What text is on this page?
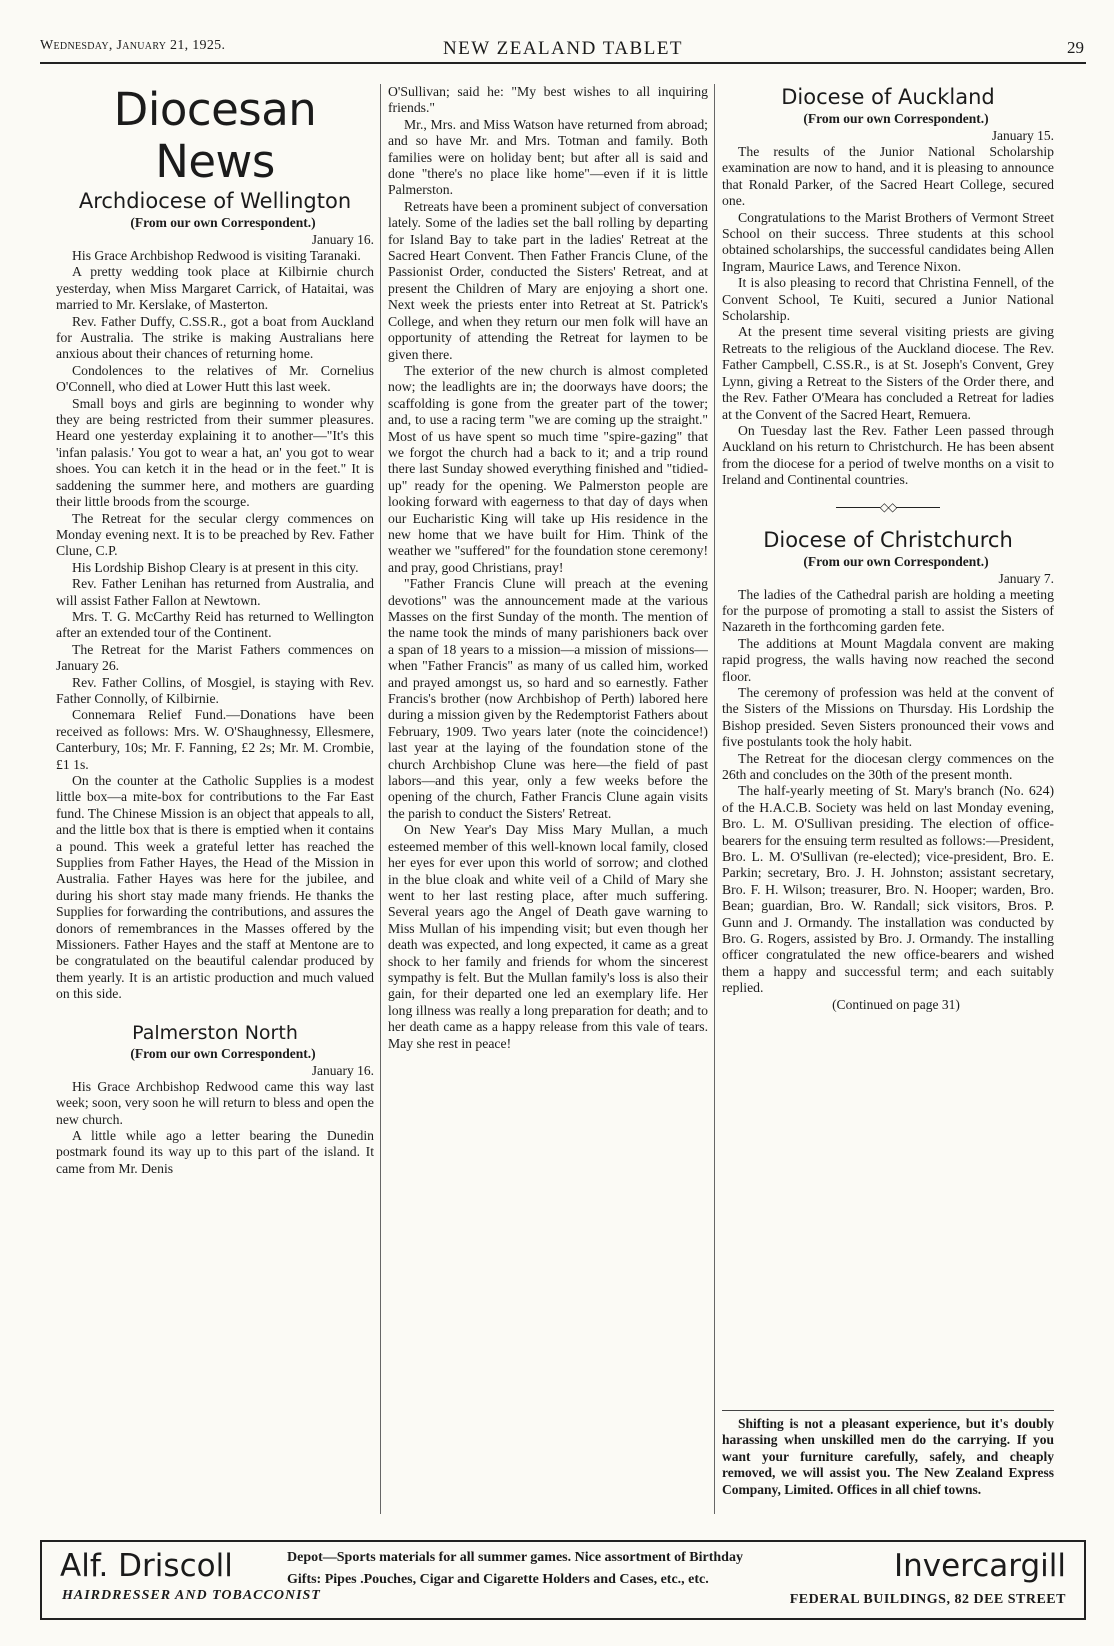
Wednesday, January 21, 1925.	NEW ZEALAND TABLET	29
Diocesan News
Archdiocese of Wellington

(From our own Correspondent.)

January 16.

His Grace Archbishop Redwood is visiting Taranaki.

A pretty wedding took place at Kilbirnie church yesterday, when Miss Margaret Carrick, of Hataitai, was married to Mr. Kerslake, of Masterton.

Rev. Father Duffy, C.SS.R., got a boat from Auckland for Australia. The strike is making Australians here anxious about their chances of returning home.

Condolences to the relatives of Mr. Cornelius O'Connell, who died at Lower Hutt this last week.

Small boys and girls are beginning to wonder why they are being restricted from their summer pleasures. Heard one yesterday explaining it to another—"It's this 'infan palasis.' You got to wear a hat, an' you got to wear shoes. You can ketch it in the head or in the feet." It is saddening the summer here, and mothers are guarding their little broods from the scourge.

The Retreat for the secular clergy commences on Monday evening next. It is to be preached by Rev. Father Clune, C.P.

His Lordship Bishop Cleary is at present in this city.

Rev. Father Lenihan has returned from Australia, and will assist Father Fallon at Newtown.

Mrs. T. G. McCarthy Reid has returned to Wellington after an extended tour of the Continent.

The Retreat for the Marist Fathers commences on January 26.

Rev. Father Collins, of Mosgiel, is staying with Rev. Father Connolly, of Kilbirnie.

Connemara Relief Fund.—Donations have been received as follows: Mrs. W. O'Shaughnessy, Ellesmere, Canterbury, 10s; Mr. F. Fanning, £2 2s; Mr. M. Crombie, £1 1s.

On the counter at the Catholic Supplies is a modest little box—a mite-box for contributions to the Far East fund. The Chinese Mission is an object that appeals to all, and the little box that is there is emptied when it contains a pound. This week a grateful letter has reached the Supplies from Father Hayes, the Head of the Mission in Australia. Father Hayes was here for the jubilee, and during his short stay made many friends. He thanks the Supplies for forwarding the contributions, and assures the donors of remembrances in the Masses offered by the Missioners. Father Hayes and the staff at Mentone are to be congratulated on the beautiful calendar produced by them yearly. It is an artistic production and much valued on this side.

Palmerston North

(From our own Correspondent.)

January 16.

His Grace Archbishop Redwood came this way last week; soon, very soon he will return to bless and open the new church.

A little while ago a letter bearing the Dunedin postmark found its way up to this part of the island. It came from Mr. Denis

O'Sullivan; said he: "My best wishes to all inquiring friends."

Mr., Mrs. and Miss Watson have returned from abroad; and so have Mr. and Mrs. Totman and family. Both families were on holiday bent; but after all is said and done "there's no place like home"—even if it is little Palmerston.

Retreats have been a prominent subject of conversation lately. Some of the ladies set the ball rolling by departing for Island Bay to take part in the ladies' Retreat at the Sacred Heart Convent. Then Father Francis Clune, of the Passionist Order, conducted the Sisters' Retreat, and at present the Children of Mary are enjoying a short one. Next week the priests enter into Retreat at St. Patrick's College, and when they return our men folk will have an opportunity of attending the Retreat for laymen to be given there.

The exterior of the new church is almost completed now; the leadlights are in; the doorways have doors; the scaffolding is gone from the greater part of the tower; and, to use a racing term "we are coming up the straight." Most of us have spent so much time "spire-gazing" that we forgot the church had a back to it; and a trip round there last Sunday showed everything finished and "tidied-up" ready for the opening. We Palmerston people are looking forward with eagerness to that day of days when our Eucharistic King will take up His residence in the new home that we have built for Him. Think of the weather we "suffered" for the foundation stone ceremony! and pray, good Christians, pray!

"Father Francis Clune will preach at the evening devotions" was the announcement made at the various Masses on the first Sunday of the month. The mention of the name took the minds of many parishioners back over a span of 18 years to a mission—a mission of missions—when "Father Francis" as many of us called him, worked and prayed amongst us, so hard and so earnestly. Father Francis's brother (now Archbishop of Perth) labored here during a mission given by the Redemptorist Fathers about February, 1909. Two years later (note the coincidence!) last year at the laying of the foundation stone of the church Archbishop Clune was here—the field of past labors—and this year, only a few weeks before the opening of the church, Father Francis Clune again visits the parish to conduct the Sisters' Retreat.

On New Year's Day Miss Mary Mullan, a much esteemed member of this well-known local family, closed her eyes for ever upon this world of sorrow; and clothed in the blue cloak and white veil of a Child of Mary she went to her last resting place, after much suffering. Several years ago the Angel of Death gave warning to Miss Mullan of his impending visit; but even though her death was expected, and long expected, it came as a great shock to her family and friends for whom the sincerest sympathy is felt. But the Mullan family's loss is also their gain, for their departed one led an exemplary life. Her long illness was really a long preparation for death; and to her death came as a happy release from this vale of tears. May she rest in peace!

Diocese of Auckland

(From our own Correspondent.)

January 15.

The results of the Junior National Scholarship examination are now to hand, and it is pleasing to announce that Ronald Parker, of the Sacred Heart College, secured one.

Congratulations to the Marist Brothers of Vermont Street School on their success. Three students at this school obtained scholarships, the successful candidates being Allen Ingram, Maurice Laws, and Terence Nixon.

It is also pleasing to record that Christina Fennell, of the Convent School, Te Kuiti, secured a Junior National Scholarship.

At the present time several visiting priests are giving Retreats to the religious of the Auckland diocese. The Rev. Father Campbell, C.SS.R., is at St. Joseph's Convent, Grey Lynn, giving a Retreat to the Sisters of the Order there, and the Rev. Father O'Meara has concluded a Retreat for ladies at the Convent of the Sacred Heart, Remuera.

On Tuesday last the Rev. Father Leen passed through Auckland on his return to Christchurch. He has been absent from the diocese for a period of twelve months on a visit to Ireland and Continental countries.

◇◇
Diocese of Christchurch

(From our own Correspondent.)

January 7.

The ladies of the Cathedral parish are holding a meeting for the purpose of promoting a stall to assist the Sisters of Nazareth in the forthcoming garden fete.

The additions at Mount Magdala convent are making rapid progress, the walls having now reached the second floor.

The ceremony of profession was held at the convent of the Sisters of the Missions on Thursday. His Lordship the Bishop presided. Seven Sisters pronounced their vows and five postulants took the holy habit.

The Retreat for the diocesan clergy commences on the 26th and concludes on the 30th of the present month.

The half-yearly meeting of St. Mary's branch (No. 624) of the H.A.C.B. Society was held on last Monday evening, Bro. L. M. O'Sullivan presiding. The election of office-bearers for the ensuing term resulted as follows:—President, Bro. L. M. O'Sullivan (re-elected); vice-president, Bro. E. Parkin; secretary, Bro. J. H. Johnston; assistant secretary, Bro. F. H. Wilson; treasurer, Bro. N. Hooper; warden, Bro. Bean; guardian, Bro. W. Randall; sick visitors, Bros. P. Gunn and J. Ormandy. The installation was conducted by Bro. G. Rogers, assisted by Bro. J. Ormandy. The installing officer congratulated the new office-bearers and wished them a happy and successful term; and each suitably replied.

(Continued on page 31)

Shifting is not a pleasant experience, but it's doubly harassing when unskilled men do the carrying. If you want your furniture carefully, safely, and cheaply removed, we will assist you. The New Zealand Express Company, Limited. Offices in all chief towns.

Alf. Driscoll
HAIRDRESSER AND TOBACCONIST
Depot—Sports materials for all summer games. Nice assortment of Birthday
Gifts: Pipes .Pouches, Cigar and Cigarette Holders and Cases, etc., etc.	Invercargill
FEDERAL BUILDINGS, 82 DEE STREET
